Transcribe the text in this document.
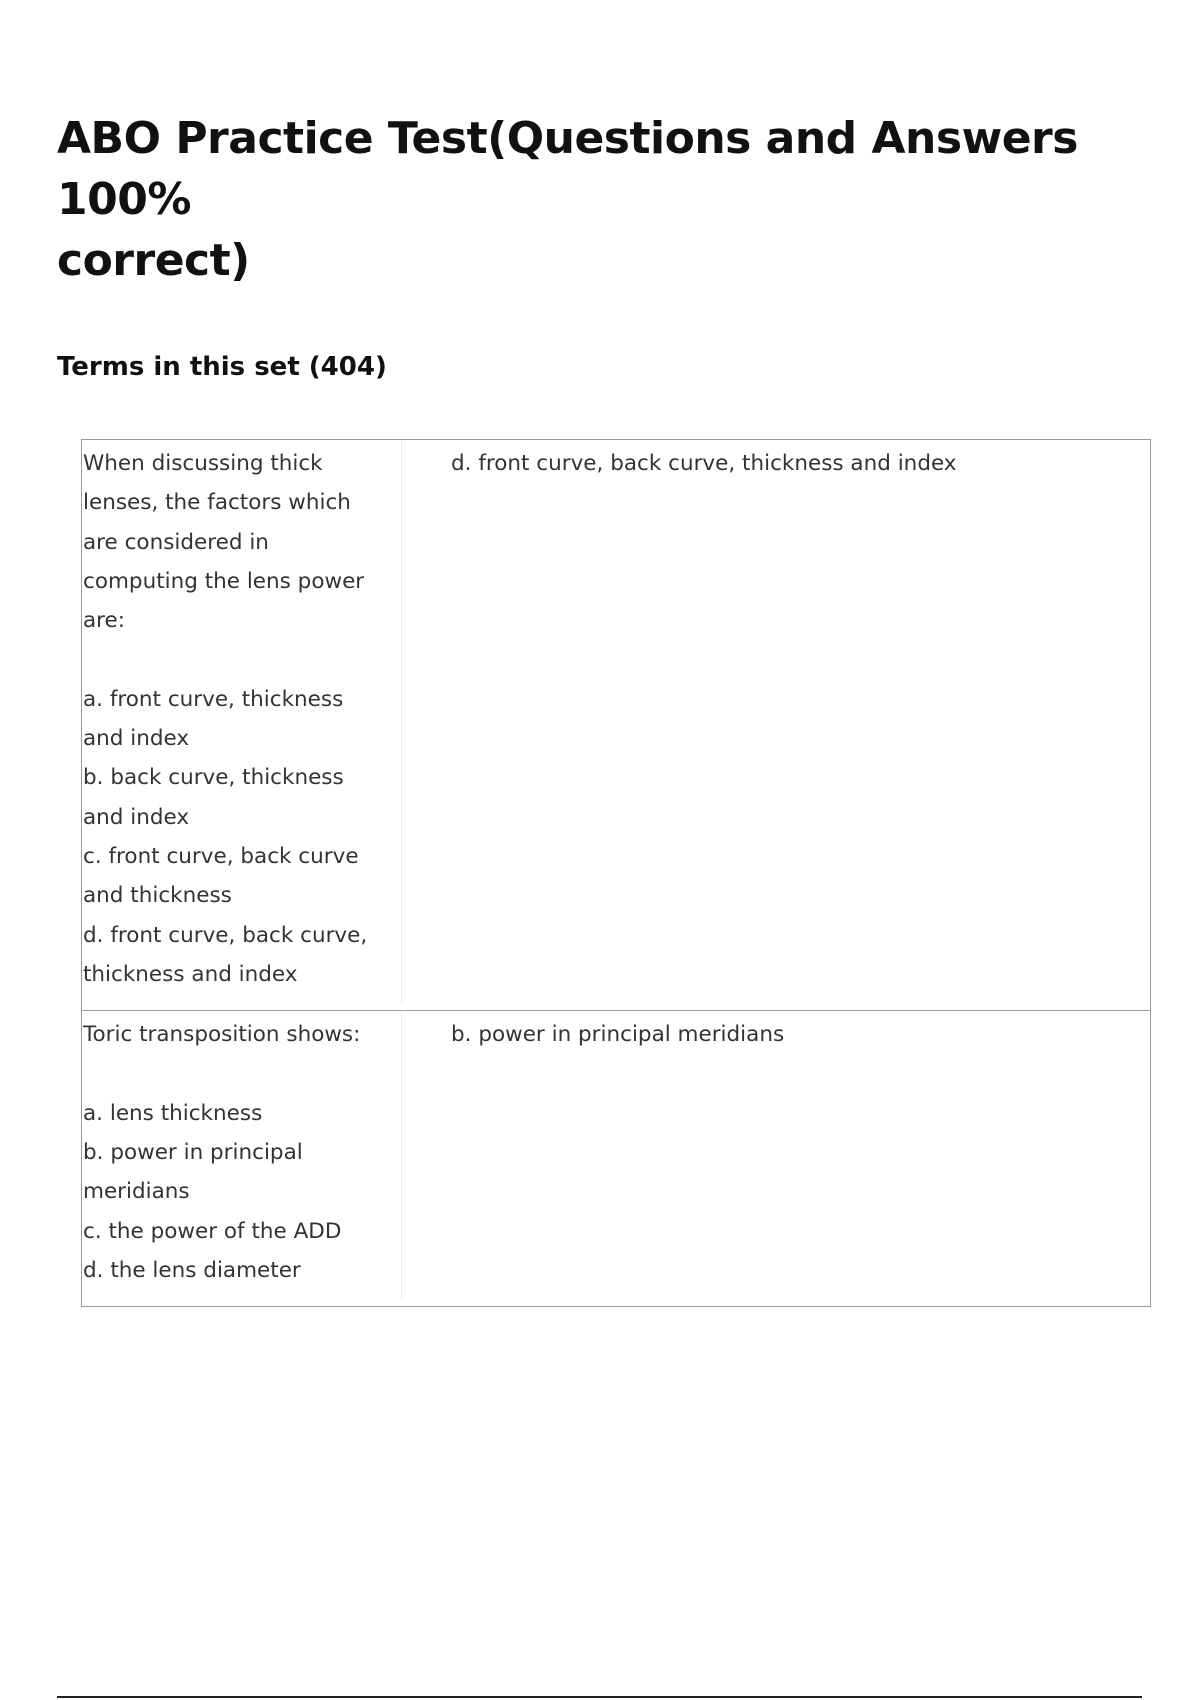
ABO Practice Test(Questions and Answers 100%
correct)
Terms in this set (404)
When discussing thick
lenses, the factors which
are considered in
computing the lens power
are:
a. front curve, thickness
and index
b. back curve, thickness
and index
c. front curve, back curve
and thickness
d. front curve, back curve,
thickness and index
d. front curve, back curve, thickness and index
Toric transposition shows:
a. lens thickness
b. power in principal
meridians
c. the power of the ADD
d. the lens diameter
b. power in principal meridians
